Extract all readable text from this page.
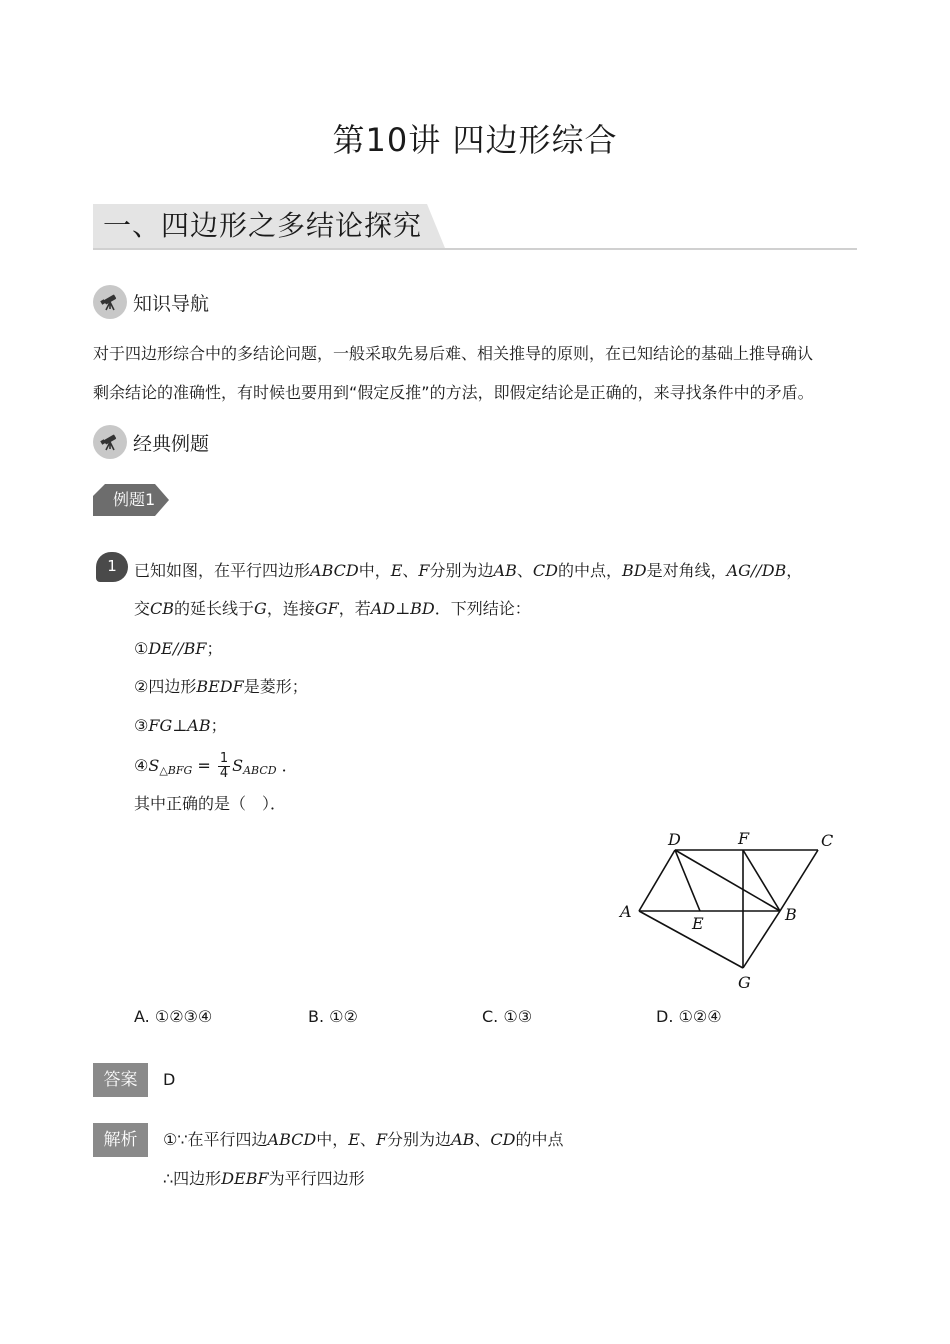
第10讲 四边形综合
一、四边形之多结论探究
知识导航
对于四边形综合中的多结论问题，一般采取先易后难、相关推导的原则，在已知结论的基础上推导确认
剩余结论的准确性，有时候也要用到“假定反推”的方法，即假定结论是正确的，来寻找条件中的矛盾。
经典例题
例题1
1	已知如图，在平行四边形ABCD中，E、F分别为边AB、CD的中点，BD是对角线，AG//DB，
交CB的延长线于G，连接GF，若AD⊥BD．下列结论：
①DE//BF；
②四边形BEDF是菱形；
③FG⊥AB；
$④S_{\triangle BFG} = \frac{1}{4} S_{ABCD}$ ．
其中正确的是（　）．
D	F	C
A
E	B
G
A. ①②③④	B. ①②	C. ①③	D. ①②④
答案	D
解析	①∵在平行四边ABCD中，E、F分别为边AB、CD的中点
∴四边形DEBF为平行四边形
